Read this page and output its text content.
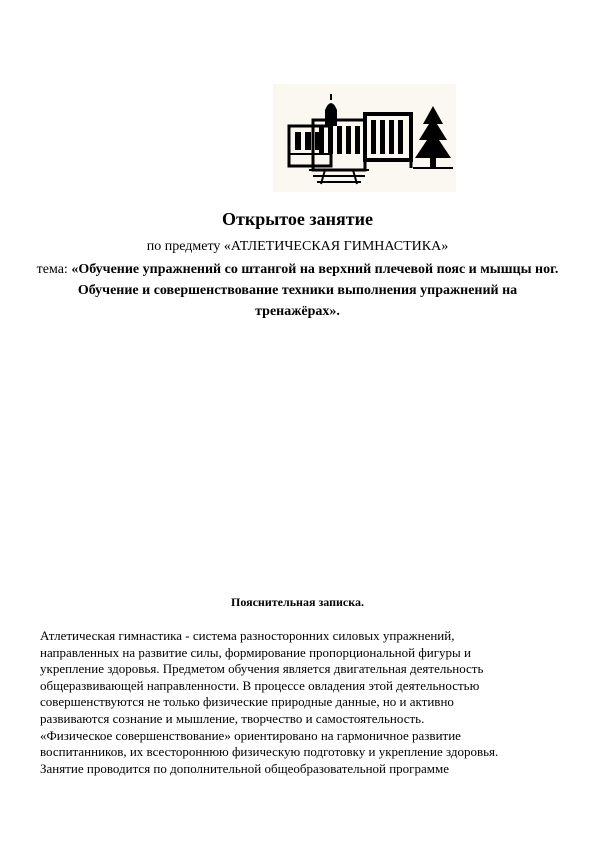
Открытое занятие
по предмету «АТЛЕТИЧЕСКАЯ ГИМНАСТИКА»
тема: «Обучение упражнений со штангой на верхний плечевой пояс и мышцы ног. Обучение и совершенствование техники выполнения упражнений на тренажёрах».
Пояснительная записка.
Атлетическая гимнастика - система разносторонних силовых упражнений,
направленных на развитие силы, формирование пропорциональной фигуры и
укрепление здоровья. Предметом обучения является двигательная деятельность
общеразвивающей направленности. В процессе овладения этой деятельностью
совершенствуются не только физические природные данные, но и активно
развиваются сознание и мышление, творчество и самостоятельность.
«Физическое совершенствование» ориентировано на гармоничное развитие
воспитанников, их всестороннюю физическую подготовку и укрепление здоровья.
Занятие проводится по дополнительной общеобразовательной программе
